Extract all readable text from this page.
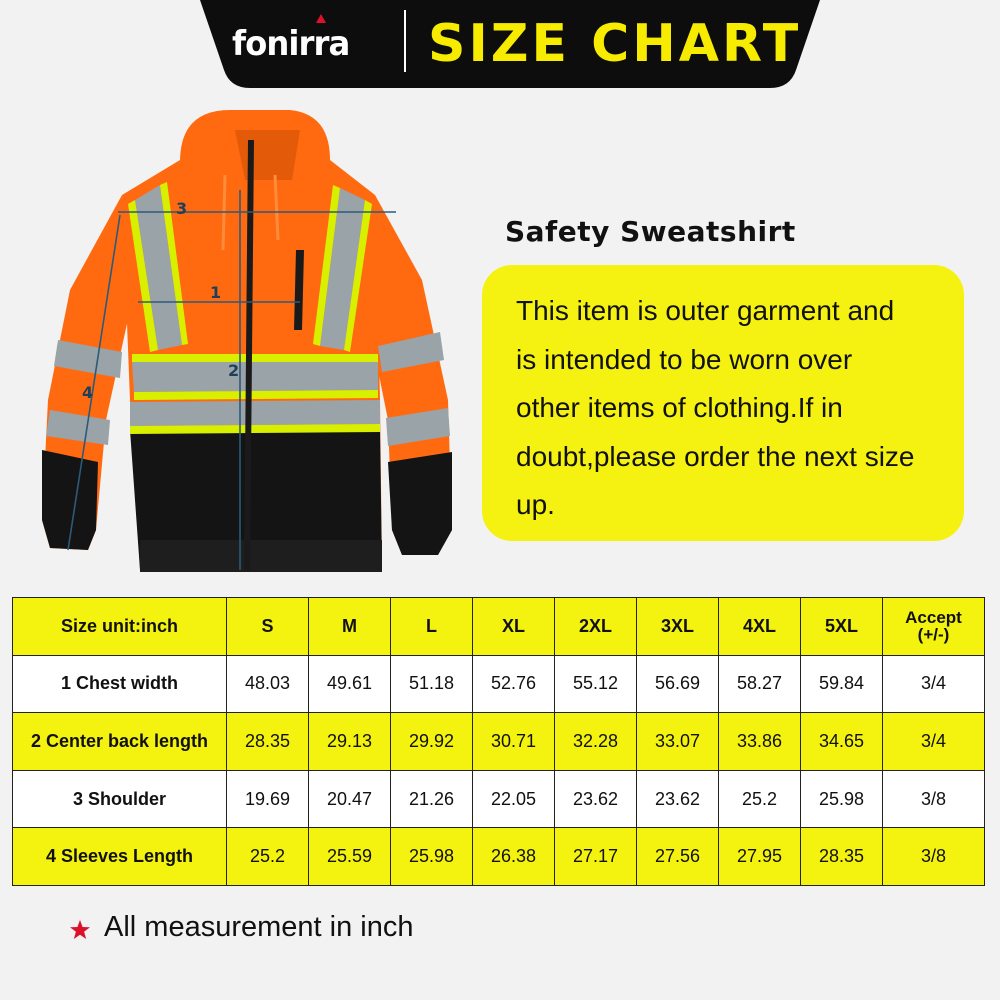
fonirra	SIZE CHART
3
1
2
4
Safety Sweatshirt
This item is outer garment and
is intended to be worn over
other items of clothing.If in
doubt,please order the next size
up.
Size unit:inch	S	M	L	XL	2XL	3XL	4XL	5XL	Accept
(+/-)

1 Chest width	48.03	49.61	51.18	52.76	55.12	56.69	58.27	59.84	3/4
2 Center back length	28.35	29.13	29.92	30.71	32.28	33.07	33.86	34.65	3/4
3 Shoulder	19.69	20.47	21.26	22.05	23.62	23.62	25.2	25.98	3/8
4 Sleeves Length	25.2	25.59	25.98	26.38	27.17	27.56	27.95	28.35	3/8
All measurement in inch
